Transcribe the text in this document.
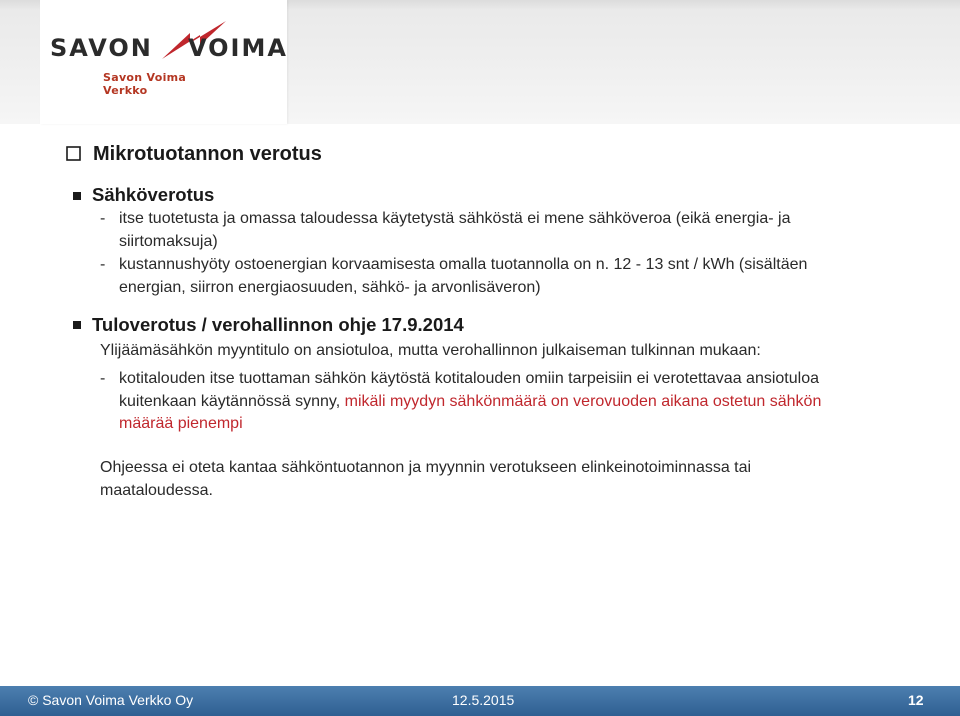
SAVON VOIMA
Savon Voima Verkko
Mikrotuotannon verotus
Sähköverotus
- itse tuotetusta ja omassa taloudessa käytetystä sähköstä ei mene sähköveroa (eikä energia- ja
siirtomaksuja)
- kustannushyöty ostoenergian korvaamisesta omalla tuotannolla on n. 12 - 13 snt / kWh (sisältäen
energian, siirron energiaosuuden, sähkö- ja arvonlisäveron)
Tuloverotus / verohallinnon ohje 17.9.2014
Ylijäämäsähkön myyntitulo on ansiotuloa, mutta verohallinnon julkaiseman tulkinnan mukaan:
- kotitalouden itse tuottaman sähkön käytöstä kotitalouden omiin tarpeisiin ei verotettavaa ansiotuloa
kuitenkaan käytännössä synny, mikäli myydyn sähkönmäärä on verovuoden aikana ostetun sähkön
määrää pienempi
Ohjeessa ei oteta kantaa sähköntuotannon ja myynnin verotukseen elinkeinotoiminnassa tai
maataloudessa.
© Savon Voima Verkko Oy	12.5.2015	12
